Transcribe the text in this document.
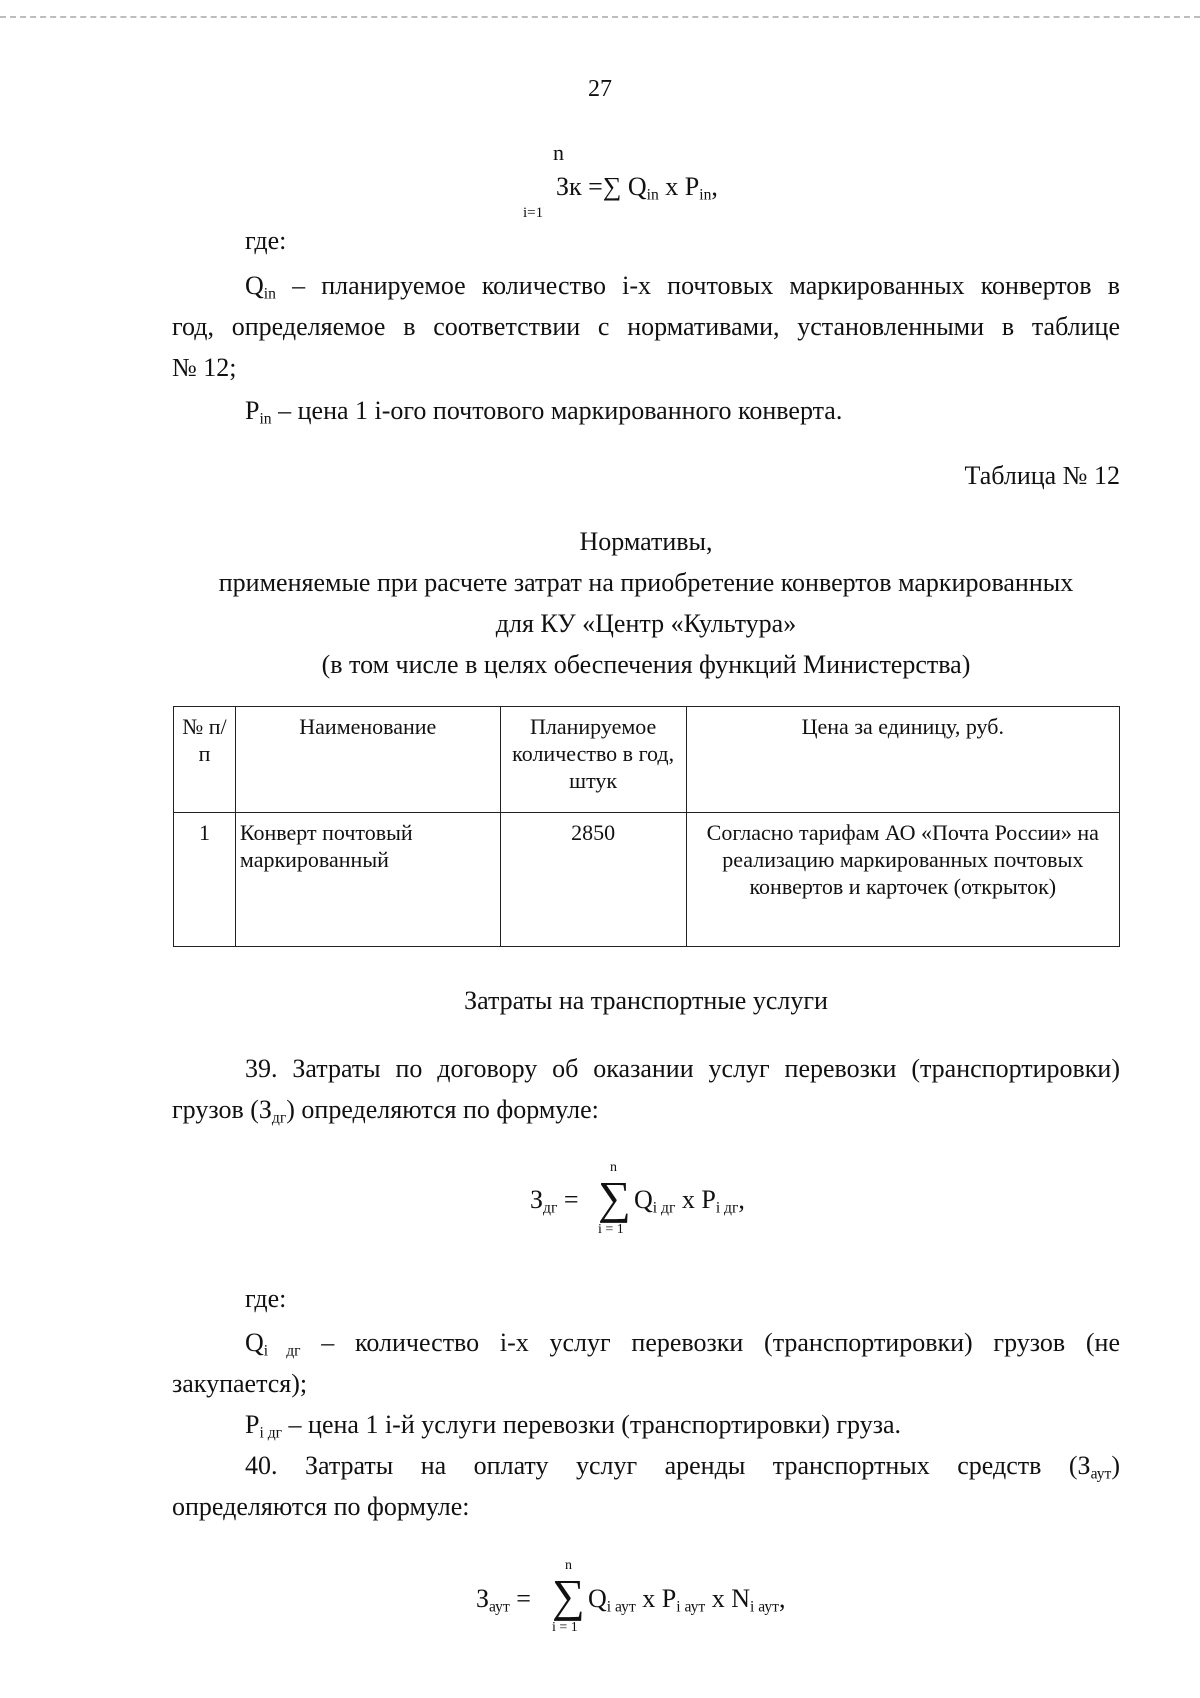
27
n
Зк =∑ $Q_{in}$ x $P_{in}$,
i=1
где:
$Q_{in}$ – планируемое количество i-х почтовых маркированных конвертов в
год, определяемое в соответствии с нормативами, установленными в таблице
№ 12;
$P_{in}$ – цена 1 i-ого почтового маркированного конверта.
Таблица № 12
Нормативы,
применяемые при расчете затрат на приобретение конвертов маркированных
для КУ «Центр «Культура»
(в том числе в целях обеспечения функций Министерства)
№ п/п	Наименование	Планируемое количество в год, штук	Цена за единицу, руб.
1	Конверт почтовый маркированный	2850	Согласно тарифам АО «Почта России» на реализацию маркированных почтовых конвертов и карточек (открыток)
Затраты на транспортные услуги
39. Затраты по договору об оказании услуг перевозки (транспортировки)
грузов $(З_{дг})$ определяются по формуле:
$З_{дг}$ =
n
∑
i = 1
$Q_{i дг}$ x $P_{i дг}$,
где:
$Q_{i дг}$ – количество i-х услуг перевозки (транспортировки) грузов (не
закупается);
$P_{i дг}$ – цена 1 i-й услуги перевозки (транспортировки) груза.
40. Затраты на оплату услуг аренды транспортных средств $(З_{аут})$
определяются по формуле:
$З_{аут}$ =
n
∑
i = 1
$Q_{i аут}$ x $P_{i аут}$ x $N_{i аут}$,
